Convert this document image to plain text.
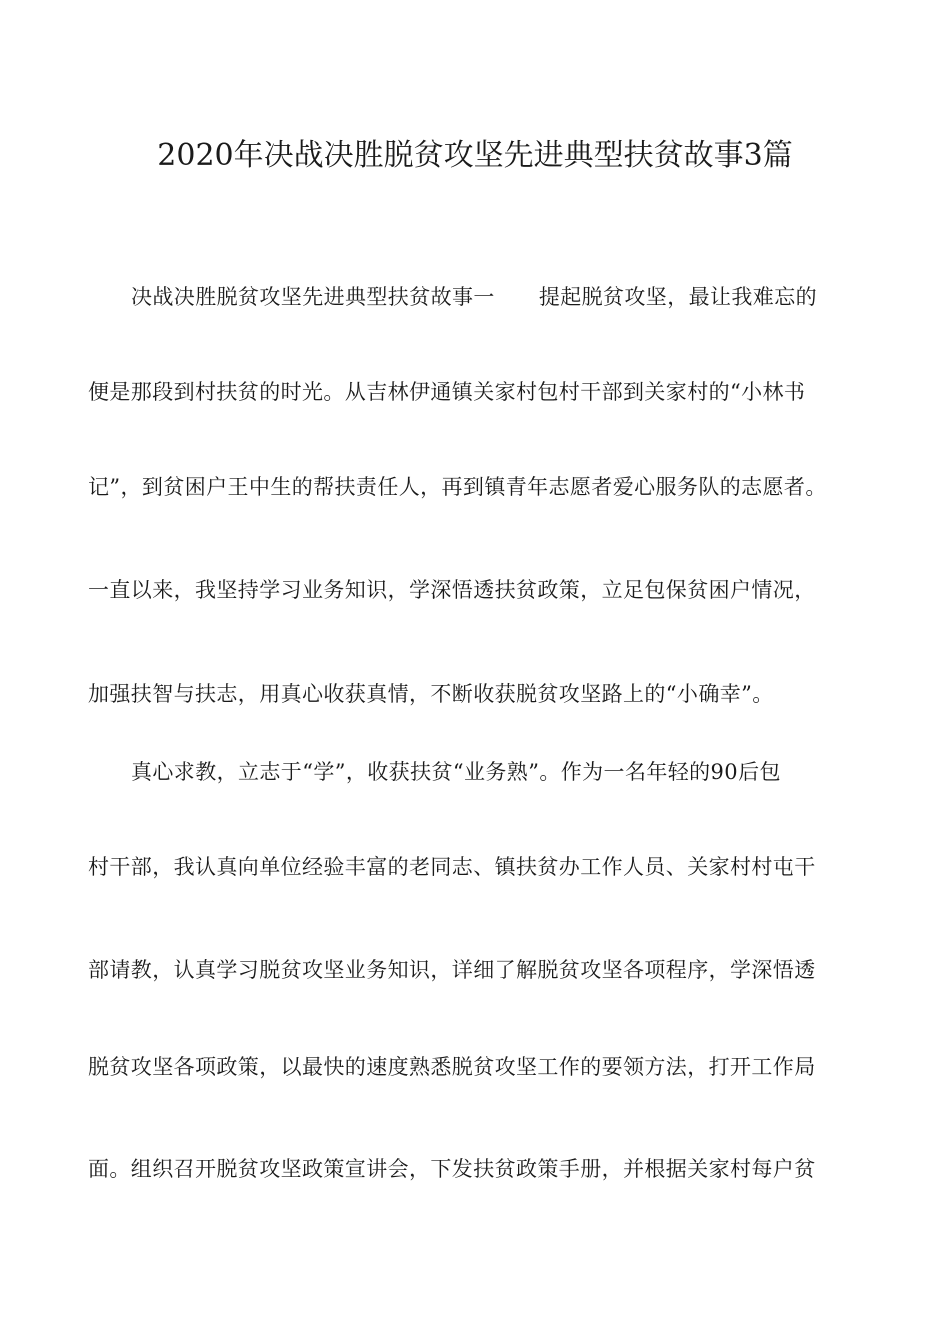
2020年决战决胜脱贫攻坚先进典型扶贫故事3篇

决战决胜脱贫攻坚先进典型扶贫故事一 提起脱贫攻坚，最让我难忘的

便是那段到村扶贫的时光。从吉林伊通镇关家村包村干部到关家村的“小林书

记”，到贫困户王中生的帮扶责任人，再到镇青年志愿者爱心服务队的志愿者。

一直以来，我坚持学习业务知识，学深悟透扶贫政策，立足包保贫困户情况，

加强扶智与扶志，用真心收获真情，不断收获脱贫攻坚路上的“小确幸”。

真心求教，立志于“学”，收获扶贫“业务熟”。作为一名年轻的90后包

村干部，我认真向单位经验丰富的老同志、镇扶贫办工作人员、关家村村屯干

部请教，认真学习脱贫攻坚业务知识，详细了解脱贫攻坚各项程序，学深悟透

脱贫攻坚各项政策，以最快的速度熟悉脱贫攻坚工作的要领方法，打开工作局

面。组织召开脱贫攻坚政策宣讲会，下发扶贫政策手册，并根据关家村每户贫
